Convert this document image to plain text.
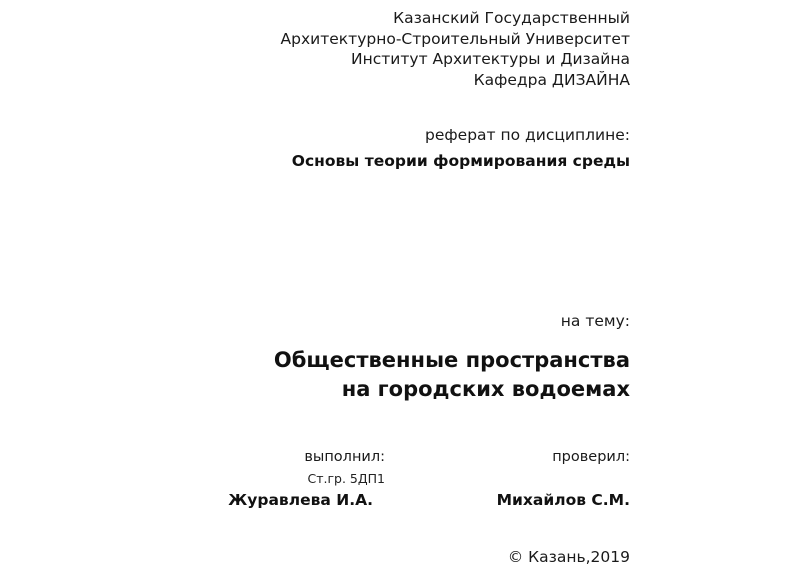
Казанский Государственный
Архитектурно-Строительный Университет
Институт Архитектуры и Дизайна
Кафедра ДИЗАЙНА
реферат по дисциплине:
Основы теории формирования среды
на тему:
Общественные пространства
на городских водоемах
выполнил:
Ст.гр. 5ДП1
Журавлева И.А.
проверил:
Михайлов С.М.
© Казань,2019
